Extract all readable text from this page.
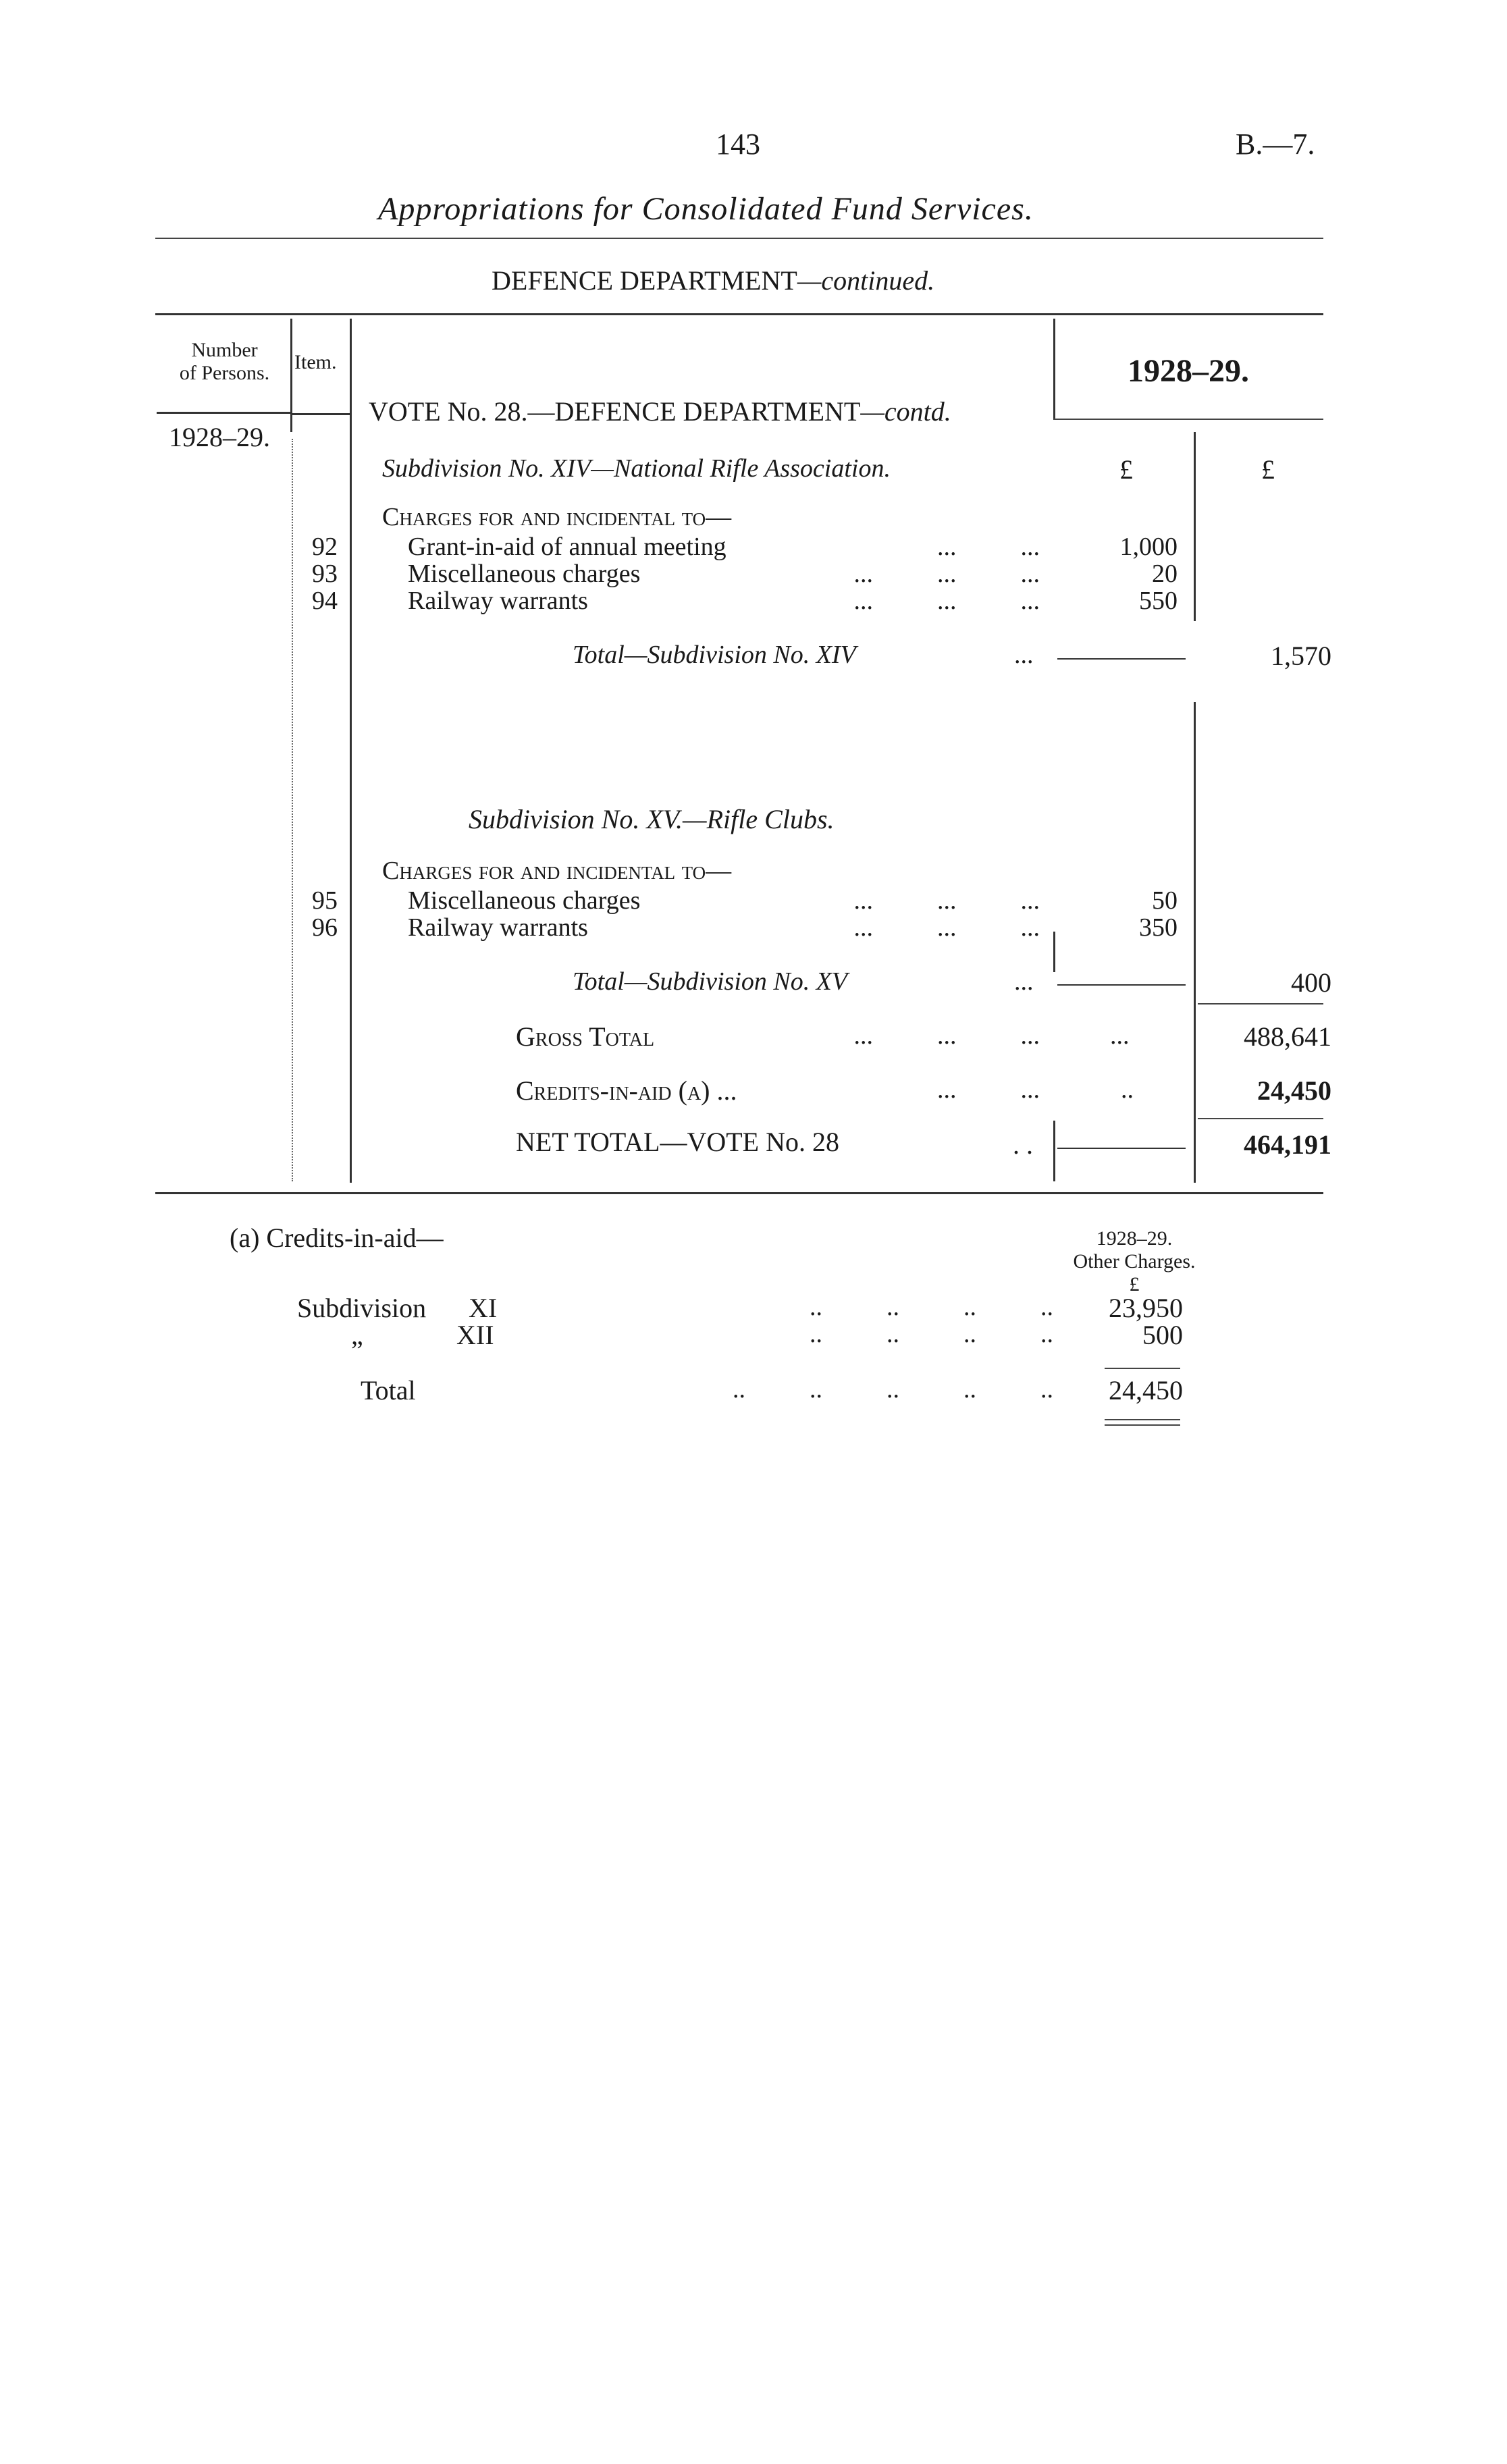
143	B.—7.
Appropriations for Consolidated Fund Services.
DEFENCE DEPARTMENT—continued.
Number
of Persons.	Item.	1928–29.
1928–29.
VOTE No. 28.—DEFENCE DEPARTMENT—contd.
Subdivision No. XIV—National Rifle Association.	£	£
Charges for and incidental to—
92	Grant-in-aid of annual meeting	...          ...	1,000
93	Miscellaneous charges	...          ...          ...	20
94	Railway warrants	...          ...          ...	550
Total—Subdivision No. XIV	...	1,570
Subdivision No. XV.—Rifle Clubs.
Charges for and incidental to—
95	Miscellaneous charges	...          ...          ...	50
96	Railway warrants	...          ...          ...	350
Total—Subdivision No. XV	...	400
Gross Total	...          ...          ...	...	488,641
Credits-in-aid (a) ...	...          ...	..	24,450
NET TOTAL—VOTE No. 28	. .	464,191
(a) Credits-in-aid—	1928–29.
Other Charges.
£
Subdivision XI	..          ..          ..          ..	23,950
„	XII	..          ..          ..          ..	500
Total	..          ..          ..          ..          ..	24,450
